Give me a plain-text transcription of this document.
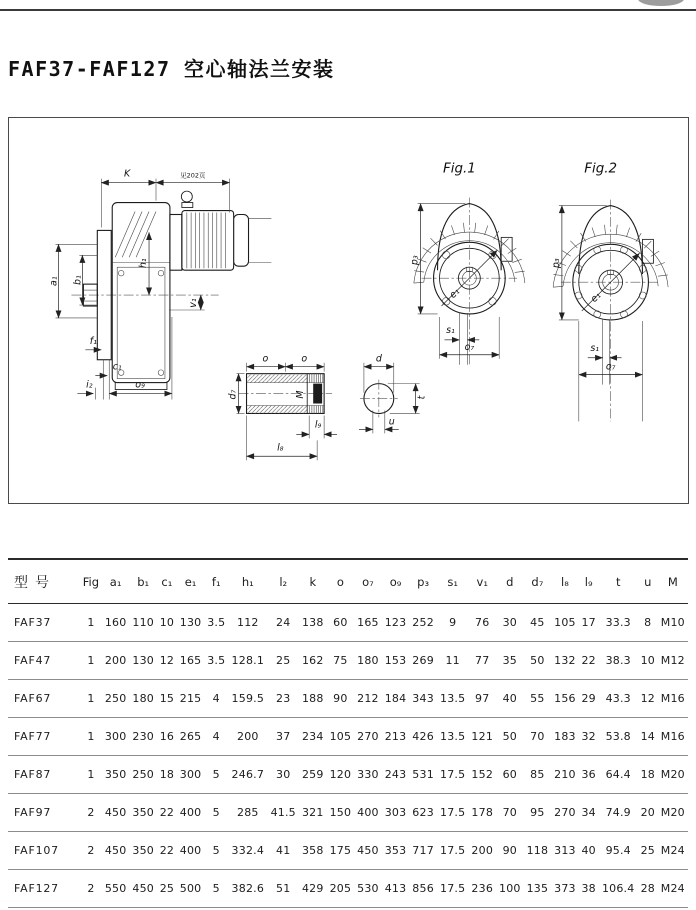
FAF37-FAF127 空心轴法兰安装
K	见202页
a₁ b₁
h₁
v₁
f₁
c₁
i₂	o₉
M
o	o
d₇
l₉
l₈
d
t
u
Fig.1
e₁
p₃
s₁
o₇
Fig.2
e₁
p₃
s₁
o₇
型号	Fig	a₁	b₁	c₁	e₁	f₁	h₁	l₂	k	o	o₇	o₉	p₃	s₁	v₁	d	d₇	l₈	l₉	t	u	M
FAF37	1	160	110	10	130	3.5	112	24	138	60	165	123	252	9	76	30	45	105	17	33.3	8	M10
FAF47	1	200	130	12	165	3.5	128.1	25	162	75	180	153	269	11	77	35	50	132	22	38.3	10	M12
FAF67	1	250	180	15	215	4	159.5	23	188	90	212	184	343	13.5	97	40	55	156	29	43.3	12	M16
FAF77	1	300	230	16	265	4	200	37	234	105	270	213	426	13.5	121	50	70	183	32	53.8	14	M16
FAF87	1	350	250	18	300	5	246.7	30	259	120	330	243	531	17.5	152	60	85	210	36	64.4	18	M20
FAF97	2	450	350	22	400	5	285	41.5	321	150	400	303	623	17.5	178	70	95	270	34	74.9	20	M20
FAF107	2	450	350	22	400	5	332.4	41	358	175	450	353	717	17.5	200	90	118	313	40	95.4	25	M24
FAF127	2	550	450	25	500	5	382.6	51	429	205	530	413	856	17.5	236	100	135	373	38	106.4	28	M24
